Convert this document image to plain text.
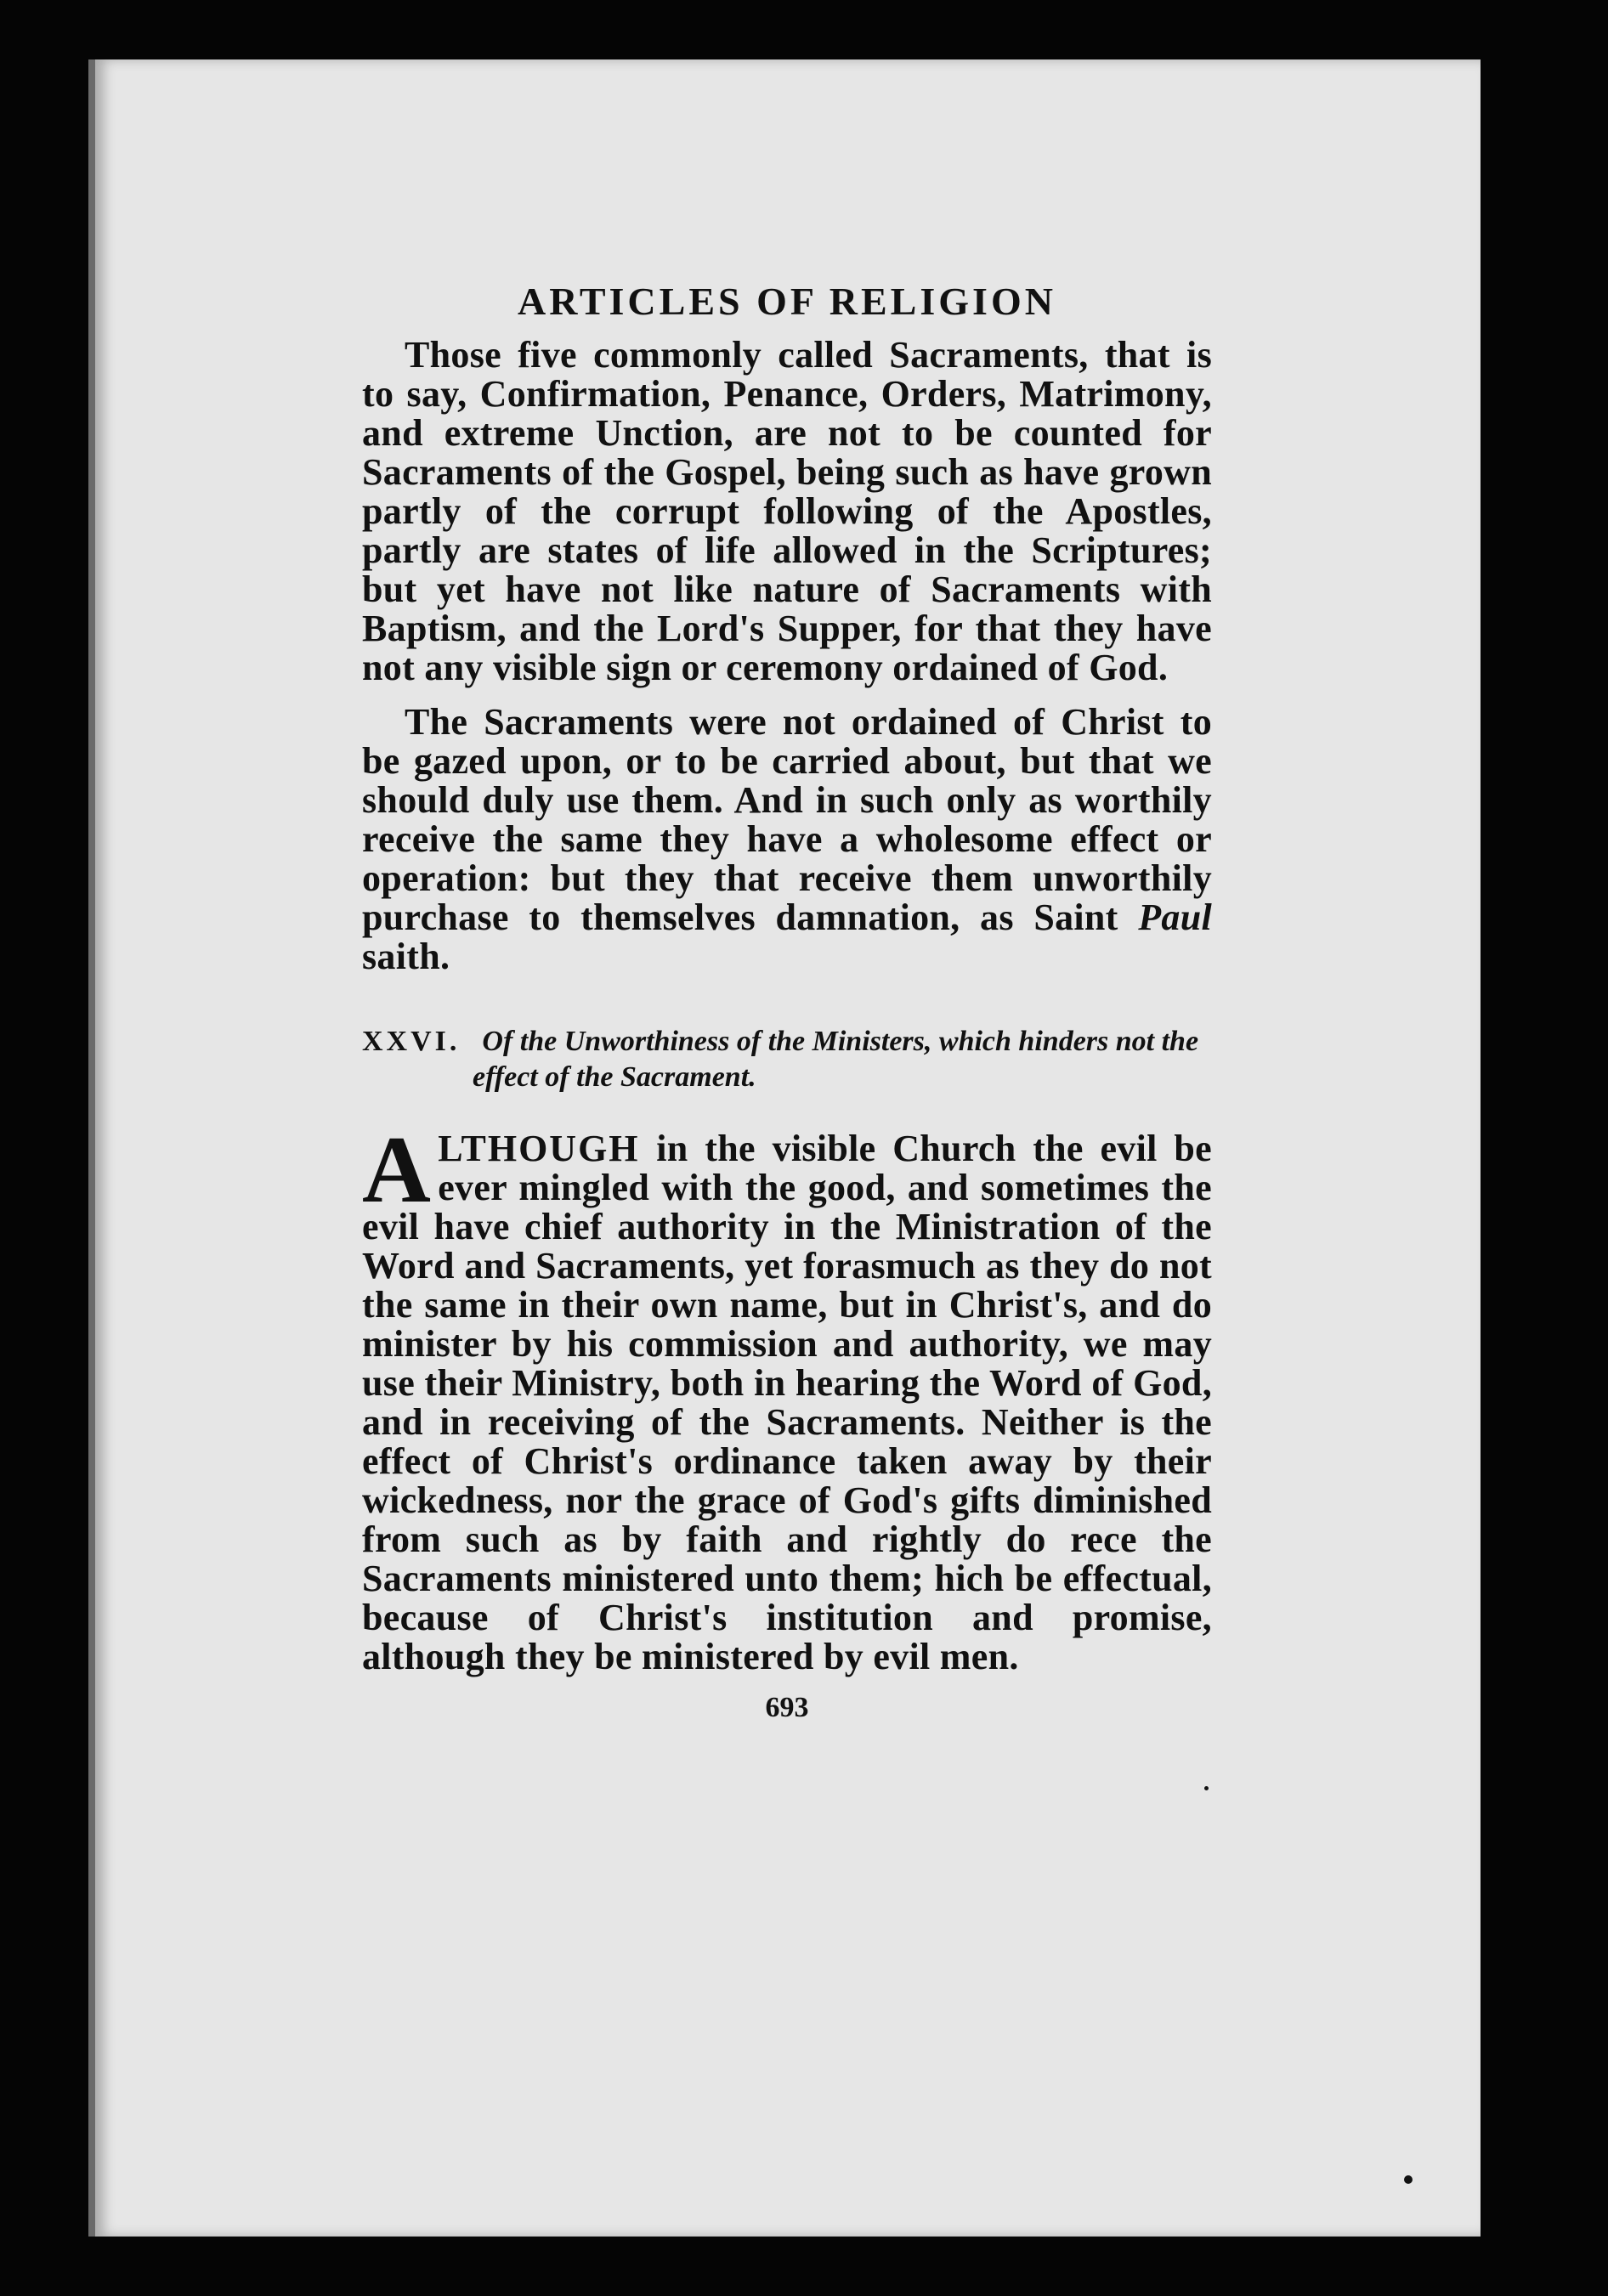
ARTICLES OF RELIGION

Those five commonly called Sacraments, that is to say, Confirmation, Penance, Orders, Matrimony, and extreme Unction, are not to be counted for Sacraments of the Gospel, being such as have grown partly of the corrupt following of the Apostles, partly are states of life allowed in the Scriptures; but yet have not like nature of Sacraments with Baptism, and the Lord's Supper, for that they have not any visible sign or ceremony ordained of God.

The Sacraments were not ordained of Christ to be gazed upon, or to be carried about, but that we should duly use them. And in such only as worthily receive the same they have a wholesome effect or operation: but they that receive them unworthily purchase to themselves damnation, as Saint Paul saith.

XXVI. Of the Unworthiness of the Ministers, which hinders not the effect of the Sacrament.
ALTHOUGH in the visible Church the evil be ever mingled with the good, and sometimes the evil have chief authority in the Ministration of the Word and Sacraments, yet forasmuch as they do not the same in their own name, but in Christ's, and do minister by his commission and authority, we may use their Ministry, both in hearing the Word of God, and in receiving of the Sacraments. Neither is the effect of Christ's ordinance taken away by their wickedness, nor the grace of God's gifts diminished from such as by faith and rightly do rece the Sacraments ministered unto them; hich be effectual, because of Christ's institution and promise, although they be ministered by evil men.
693
